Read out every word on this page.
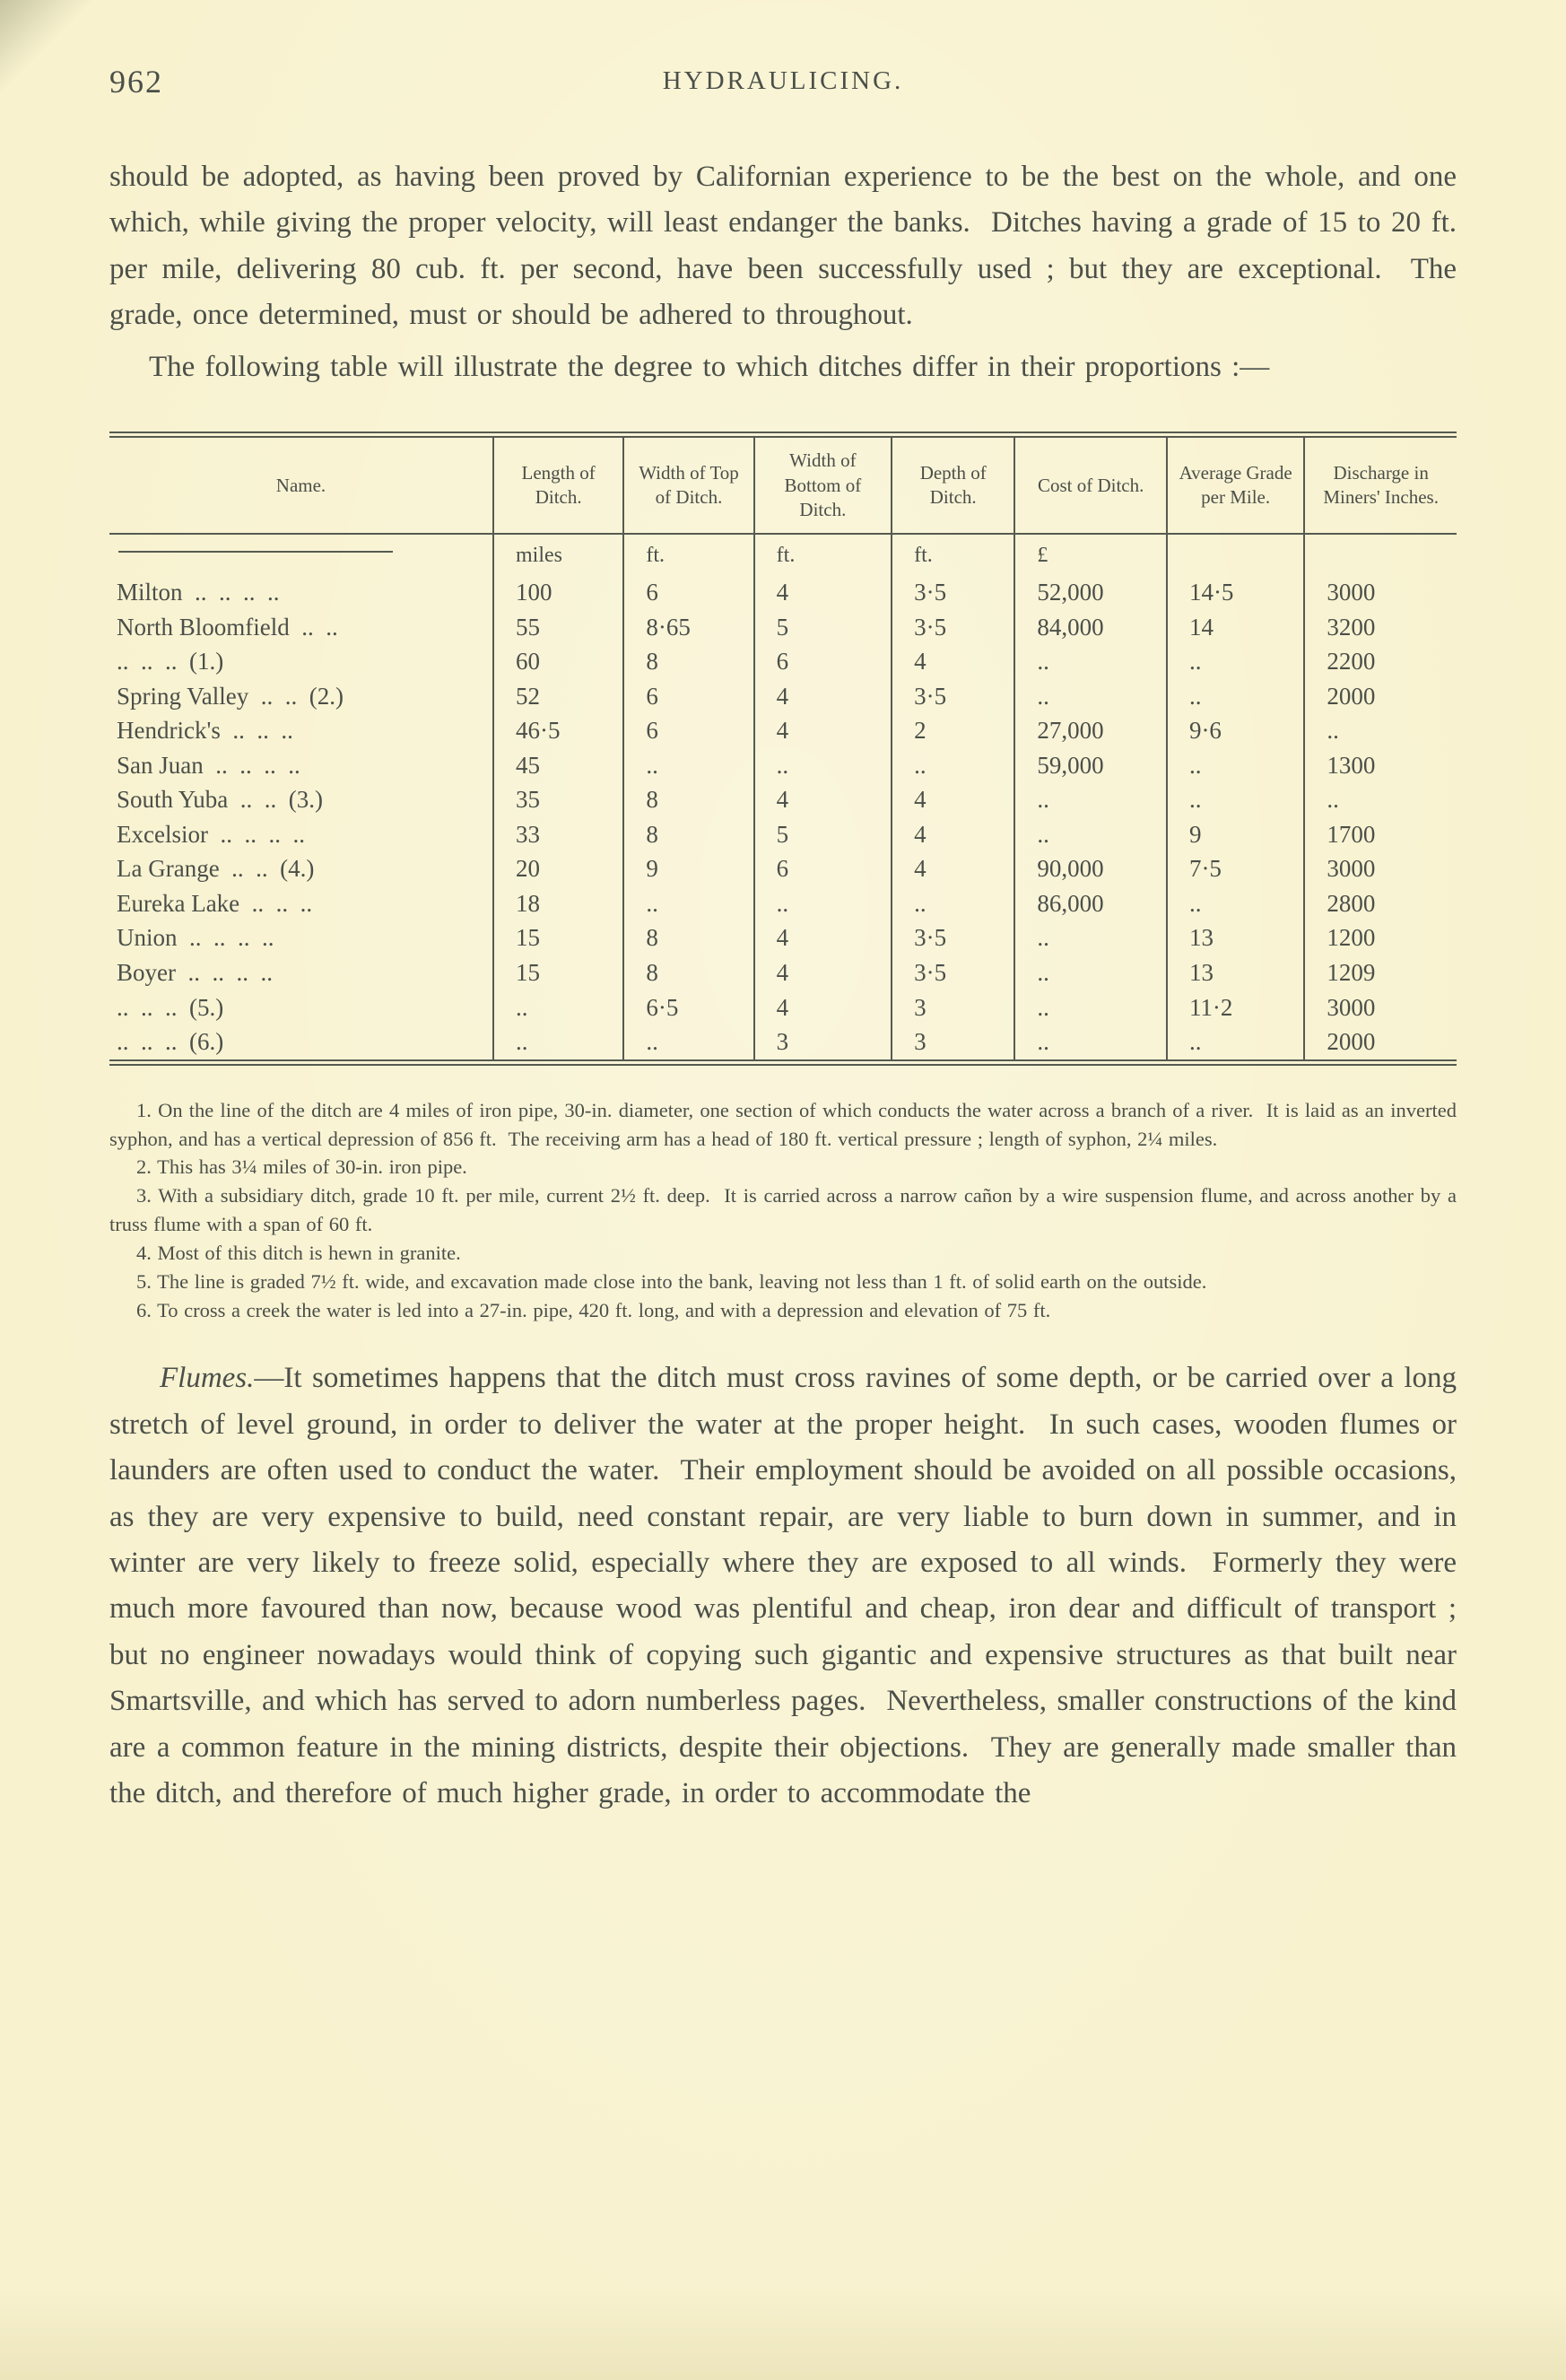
962	HYDRAULICING.

should be adopted, as having been proved by Californian experience to be the best on the whole, and one which, while giving the proper velocity, will least endanger the banks.  Ditches having a grade of 15 to 20 ft. per mile, delivering 80 cub. ft. per second, have been successfully used ; but they are exceptional.  The grade, once determined, must or should be adhered to throughout.

The following table will illustrate the degree to which ditches differ in their proportions :—

Name.	Length of Ditch.	Width of Top of Ditch.	Width of Bottom of Ditch.	Depth of Ditch.	Cost of Ditch.	Average Grade per Mile.	Discharge in Miners' Inches.

	miles	ft.	ft.	ft.	£		
Milton  ..  ..  ..  ..	100	6	4	3·5	52,000	14·5	3000
North Bloomfield  ..  ..	55	8·65	5	3·5	84,000	14	3200
..  ..  ..  (1.)	60	8	6	4	..	..	2200
Spring Valley  ..  ..  (2.)	52	6	4	3·5	..	..	2000
Hendrick's  ..  ..  ..	46·5	6	4	2	27,000	9·6	..
San Juan  ..  ..  ..  ..	45	..	..	..	59,000	..	1300
South Yuba  ..  ..  (3.)	35	8	4	4	..	..	..
Excelsior  ..  ..  ..  ..	33	8	5	4	..	9	1700
La Grange  ..  ..  (4.)	20	9	6	4	90,000	7·5	3000
Eureka Lake  ..  ..  ..	18	..	..	..	86,000	..	2800
Union  ..  ..  ..  ..	15	8	4	3·5	..	13	1200
Boyer  ..  ..  ..  ..	15	8	4	3·5	..	13	1209
..  ..  ..  (5.)	..	6·5	4	3	..	11·2	3000
..  ..  ..  (6.)	..	..	3	3	..	..	2000

1. On the line of the ditch are 4 miles of iron pipe, 30-in. diameter, one section of which conducts the water across a branch of a river.  It is laid as an inverted syphon, and has a vertical depression of 856 ft.  The receiving arm has a head of 180 ft. vertical pressure ; length of syphon, 2¼ miles.

2. This has 3¼ miles of 30-in. iron pipe.

3. With a subsidiary ditch, grade 10 ft. per mile, current 2½ ft. deep.  It is carried across a narrow cañon by a wire suspension flume, and across another by a truss flume with a span of 60 ft.

4. Most of this ditch is hewn in granite.

5. The line is graded 7½ ft. wide, and excavation made close into the bank, leaving not less than 1 ft. of solid earth on the outside.

6. To cross a creek the water is led into a 27-in. pipe, 420 ft. long, and with a depression and elevation of 75 ft.

Flumes.—It sometimes happens that the ditch must cross ravines of some depth, or be carried over a long stretch of level ground, in order to deliver the water at the proper height.  In such cases, wooden flumes or launders are often used to conduct the water.  Their employment should be avoided on all possible occasions, as they are very expensive to build, need constant repair, are very liable to burn down in summer, and in winter are very likely to freeze solid, especially where they are exposed to all winds.  Formerly they were much more favoured than now, because wood was plentiful and cheap, iron dear and difficult of transport ; but no engineer nowadays would think of copying such gigantic and expensive structures as that built near Smartsville, and which has served to adorn numberless pages.  Nevertheless, smaller constructions of the kind are a common feature in the mining districts, despite their objections.  They are generally made smaller than the ditch, and therefore of much higher grade, in order to accommodate the
